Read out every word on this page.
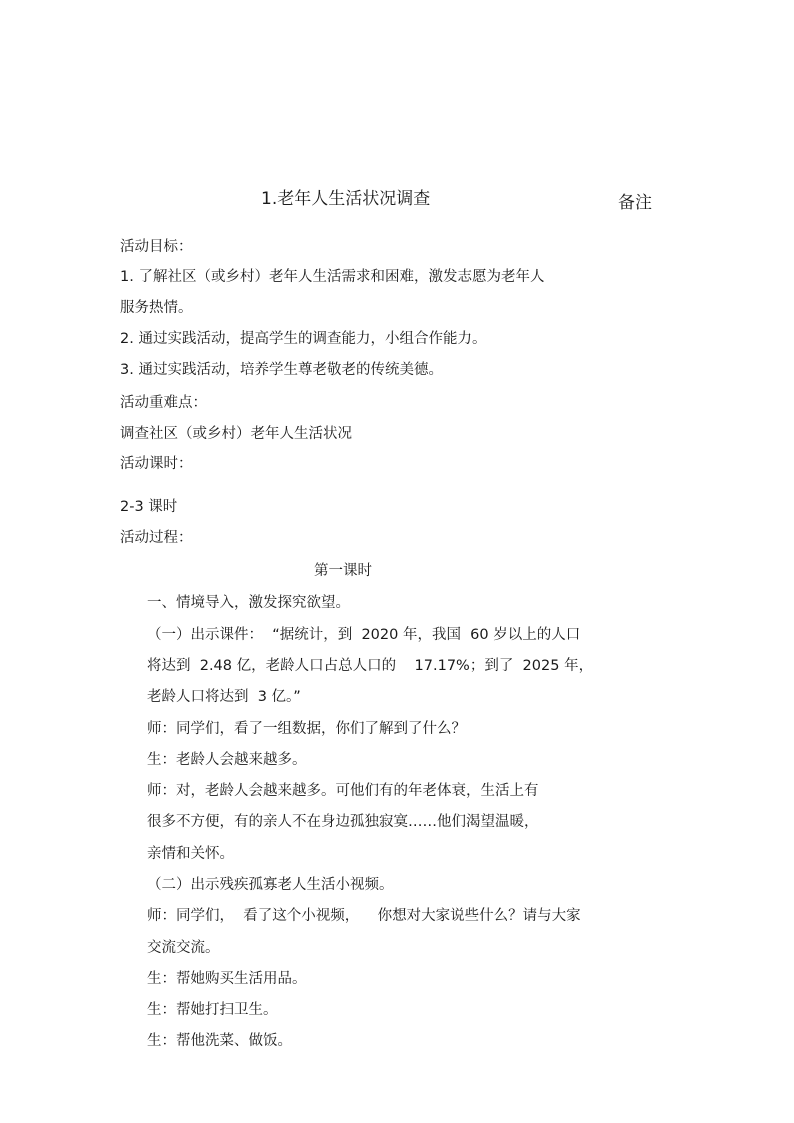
1.老年人生活状况调查	备注
活动目标：
1. 了解社区（或乡村）老年人生活需求和困难，激发志愿为老年人
服务热情。
2. 通过实践活动，提高学生的调查能力，小组合作能力。
3. 通过实践活动，培养学生尊老敬老的传统美德。
活动重难点：
调查社区（或乡村）老年人生活状况
活动课时：
2-3 课时
活动过程：
第一课时
一、情境导入，激发探究欲望。
（一）出示课件：  “据统计，到  2020 年，我国  60 岁以上的人口
将达到  2.48 亿，老龄人口占总人口的    17.17%；到了  2025 年，
老龄人口将达到  3 亿。”
师：同学们，看了一组数据，你们了解到了什么？
生：老龄人会越来越多。
师：对，老龄人会越来越多。可他们有的年老体衰，生活上有
很多不方便，有的亲人不在身边孤独寂寞……他们渴望温暖，
亲情和关怀。
（二）出示残疾孤寡老人生活小视频。
师：同学们，  看了这个小视频，    你想对大家说些什么？请与大家
交流交流。
生：帮她购买生活用品。
生：帮她打扫卫生。
生：帮他洗菜、做饭。
